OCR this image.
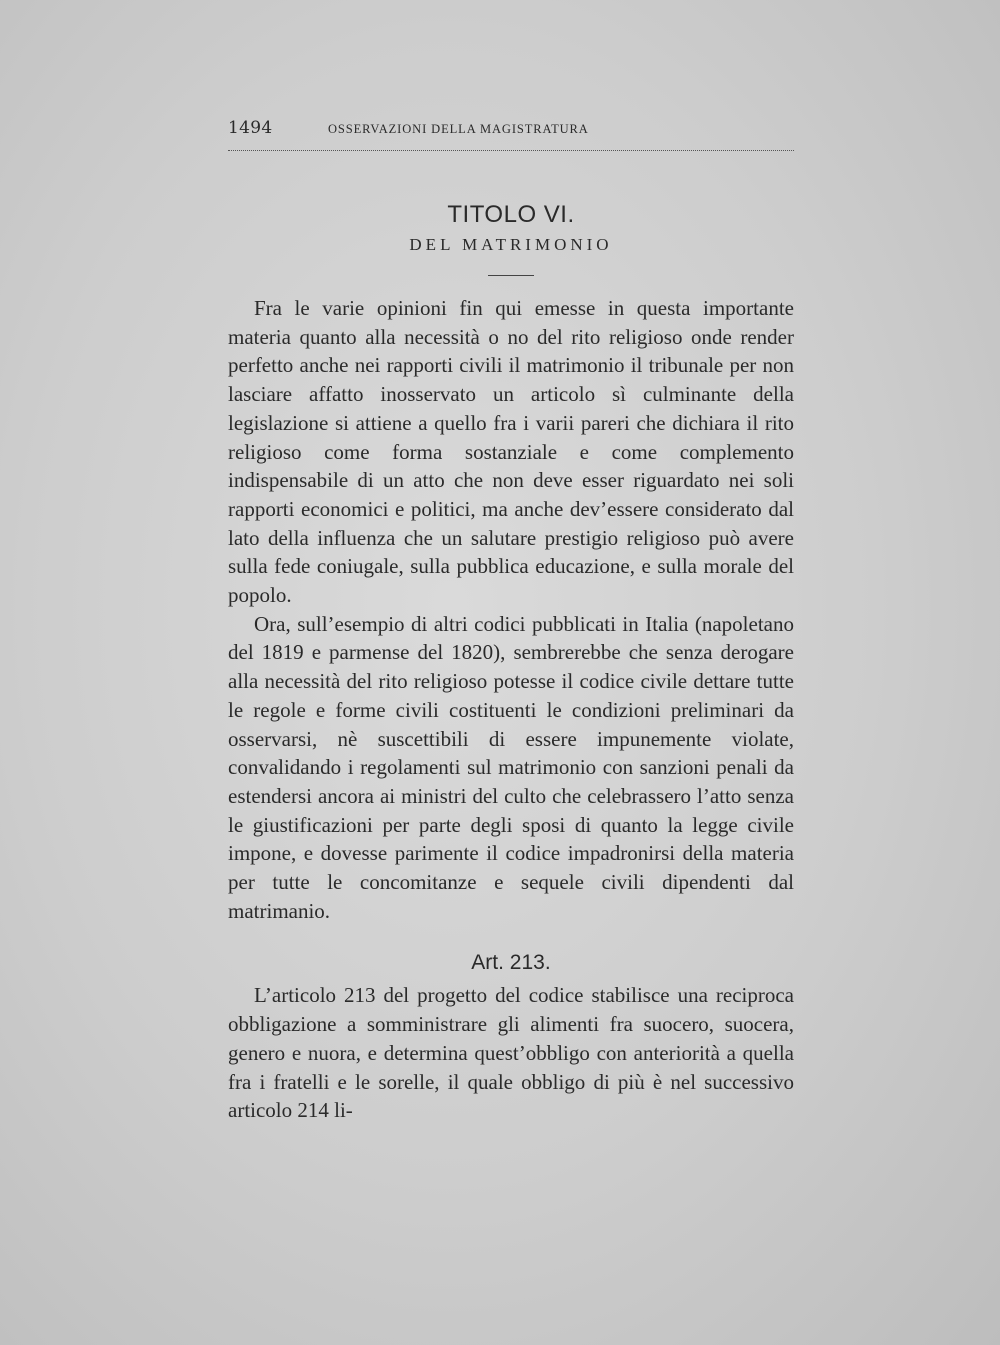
1494	OSSERVAZIONI DELLA MAGISTRATURA
TITOLO VI.
DEL MATRIMONIO

Fra le varie opinioni fin qui emesse in questa importante materia quanto alla necessità o no del rito religioso onde render perfetto anche nei rapporti civili il matrimonio il tribunale per non lasciare affatto inosservato un articolo sì culminante della legislazione si attiene a quello fra i varii pareri che dichiara il rito religioso come forma sostanziale e come complemento indispensabile di un atto che non deve esser riguardato nei soli rapporti economici e politici, ma anche dev’essere considerato dal lato della influenza che un salutare prestigio religioso può avere sulla fede coniugale, sulla pubblica educazione, e sulla morale del popolo.

Ora, sull’esempio di altri codici pubblicati in Italia (napoletano del 1819 e parmense del 1820), sembrerebbe che senza derogare alla necessità del rito religioso potesse il codice civile dettare tutte le regole e forme civili costituenti le condizioni preliminari da osservarsi, nè suscettibili di essere impunemente violate, convalidando i regolamenti sul matrimonio con sanzioni penali da estendersi ancora ai ministri del culto che celebrassero l’atto senza le giustificazioni per parte degli sposi di quanto la legge civile impone, e dovesse parimente il codice impadronirsi della materia per tutte le concomitanze e sequele civili dipendenti dal matrimanio.

Art. 213.

L’articolo 213 del progetto del codice stabilisce una reciproca obbligazione a somministrare gli alimenti fra suocero, suocera, genero e nuora, e determina quest’obbligo con anteriorità a quella fra i fratelli e le sorelle, il quale obbligo di più è nel successivo articolo 214 li-
